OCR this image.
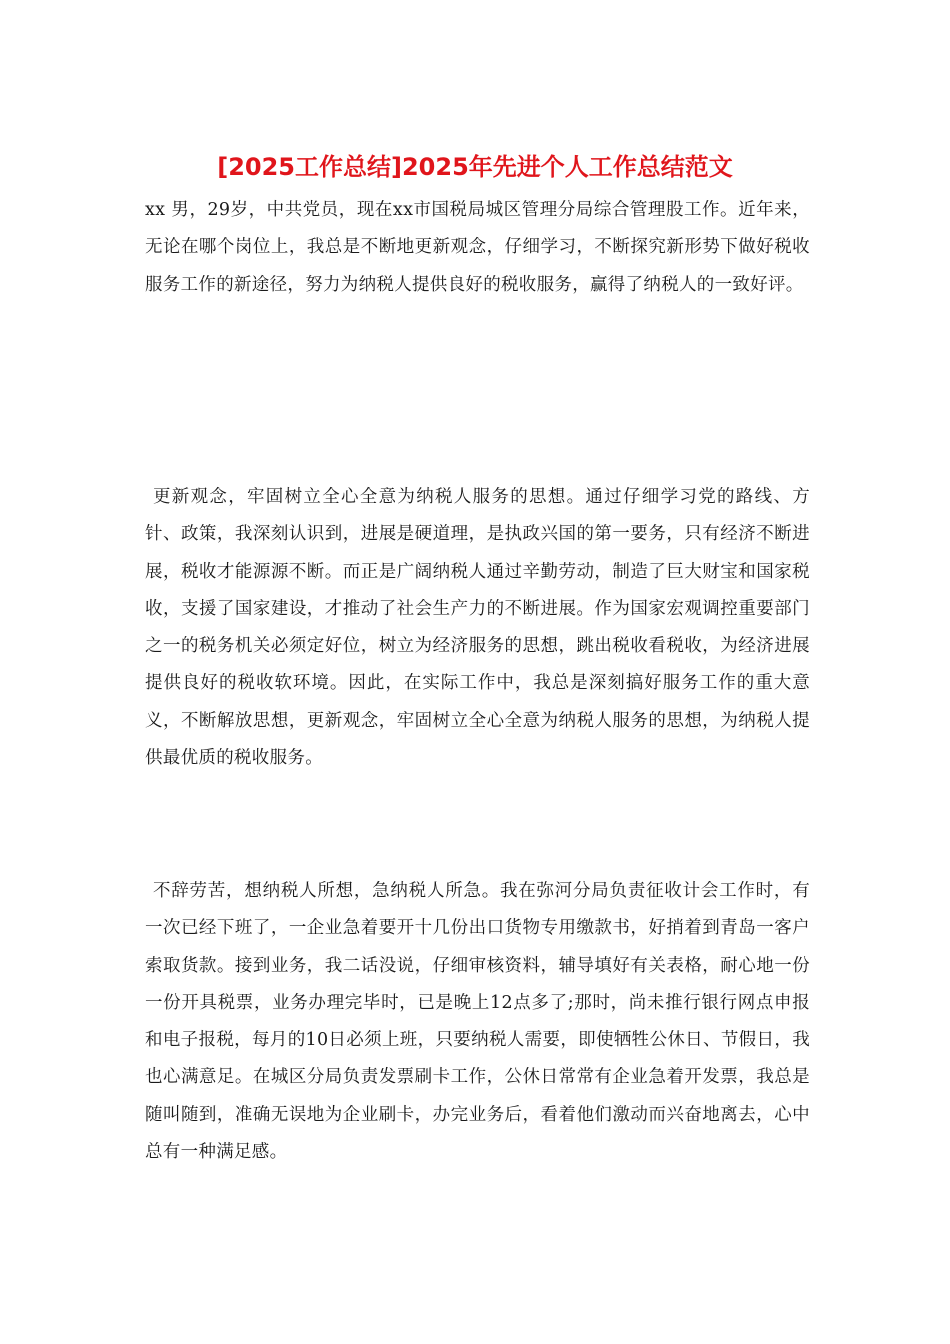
[2025工作总结]2025年先进个人工作总结范文

xx 男，29岁，中共党员，现在xx市国税局城区管理分局综合管理股工作。近年来，无论在哪个岗位上，我总是不断地更新观念，仔细学习，不断探究新形势下做好税收服务工作的新途径，努力为纳税人提供良好的税收服务，赢得了纳税人的一致好评。

更新观念，牢固树立全心全意为纳税人服务的思想。通过仔细学习党的路线、方针、政策，我深刻认识到，进展是硬道理，是执政兴国的第一要务，只有经济不断进展，税收才能源源不断。而正是广阔纳税人通过辛勤劳动，制造了巨大财宝和国家税收，支援了国家建设，才推动了社会生产力的不断进展。作为国家宏观调控重要部门之一的税务机关必须定好位，树立为经济服务的思想，跳出税收看税收，为经济进展提供良好的税收软环境。因此，在实际工作中，我总是深刻搞好服务工作的重大意义，不断解放思想，更新观念，牢固树立全心全意为纳税人服务的思想，为纳税人提供最优质的税收服务。

不辞劳苦，想纳税人所想，急纳税人所急。我在弥河分局负责征收计会工作时，有一次已经下班了，一企业急着要开十几份出口货物专用缴款书，好捎着到青岛一客户索取货款。接到业务，我二话没说，仔细审核资料，辅导填好有关表格，耐心地一份一份开具税票，业务办理完毕时，已是晚上12点多了;那时，尚未推行银行网点申报和电子报税，每月的10日必须上班，只要纳税人需要，即使牺牲公休日、节假日，我也心满意足。在城区分局负责发票刷卡工作，公休日常常有企业急着开发票，我总是随叫随到，准确无误地为企业刷卡，办完业务后，看着他们激动而兴奋地离去，心中总有一种满足感。
